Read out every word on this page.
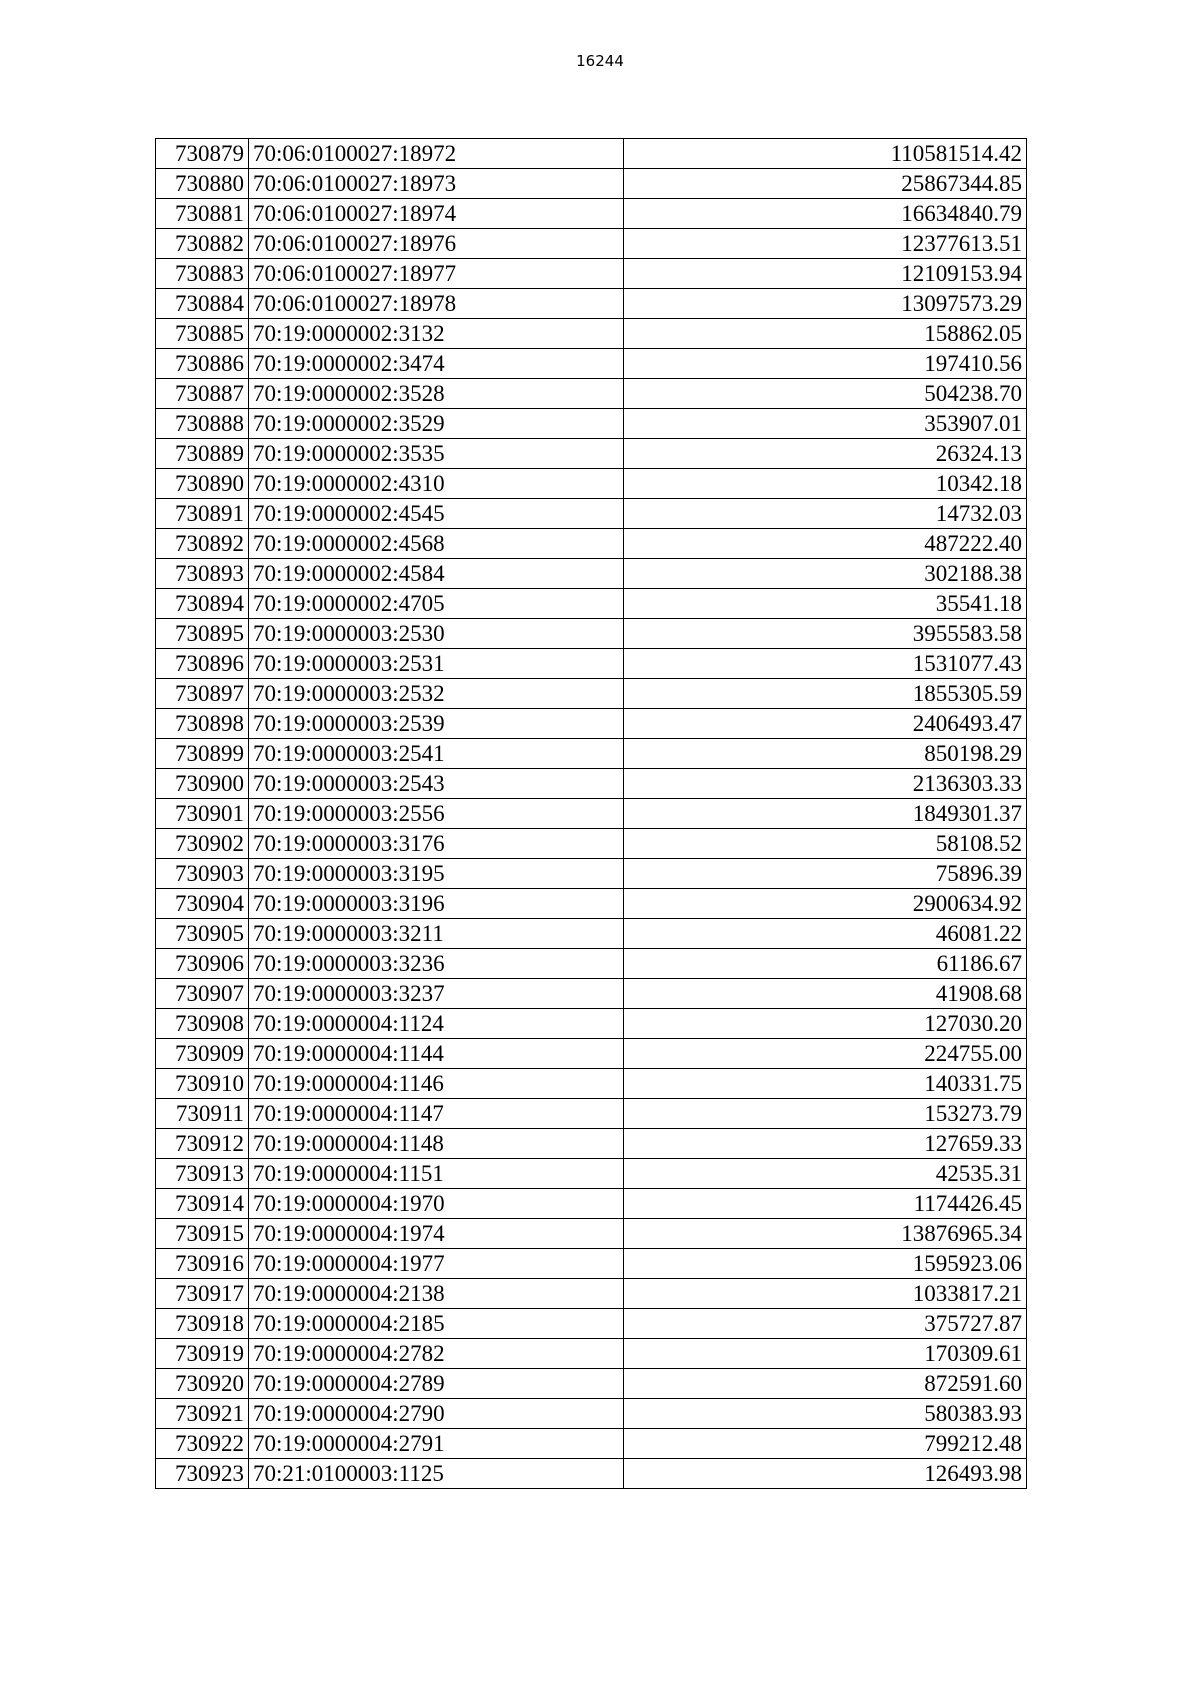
16244
730879	70:06:0100027:18972	110581514.42
730880	70:06:0100027:18973	25867344.85
730881	70:06:0100027:18974	16634840.79
730882	70:06:0100027:18976	12377613.51
730883	70:06:0100027:18977	12109153.94
730884	70:06:0100027:18978	13097573.29
730885	70:19:0000002:3132	158862.05
730886	70:19:0000002:3474	197410.56
730887	70:19:0000002:3528	504238.70
730888	70:19:0000002:3529	353907.01
730889	70:19:0000002:3535	26324.13
730890	70:19:0000002:4310	10342.18
730891	70:19:0000002:4545	14732.03
730892	70:19:0000002:4568	487222.40
730893	70:19:0000002:4584	302188.38
730894	70:19:0000002:4705	35541.18
730895	70:19:0000003:2530	3955583.58
730896	70:19:0000003:2531	1531077.43
730897	70:19:0000003:2532	1855305.59
730898	70:19:0000003:2539	2406493.47
730899	70:19:0000003:2541	850198.29
730900	70:19:0000003:2543	2136303.33
730901	70:19:0000003:2556	1849301.37
730902	70:19:0000003:3176	58108.52
730903	70:19:0000003:3195	75896.39
730904	70:19:0000003:3196	2900634.92
730905	70:19:0000003:3211	46081.22
730906	70:19:0000003:3236	61186.67
730907	70:19:0000003:3237	41908.68
730908	70:19:0000004:1124	127030.20
730909	70:19:0000004:1144	224755.00
730910	70:19:0000004:1146	140331.75
730911	70:19:0000004:1147	153273.79
730912	70:19:0000004:1148	127659.33
730913	70:19:0000004:1151	42535.31
730914	70:19:0000004:1970	1174426.45
730915	70:19:0000004:1974	13876965.34
730916	70:19:0000004:1977	1595923.06
730917	70:19:0000004:2138	1033817.21
730918	70:19:0000004:2185	375727.87
730919	70:19:0000004:2782	170309.61
730920	70:19:0000004:2789	872591.60
730921	70:19:0000004:2790	580383.93
730922	70:19:0000004:2791	799212.48
730923	70:21:0100003:1125	126493.98
